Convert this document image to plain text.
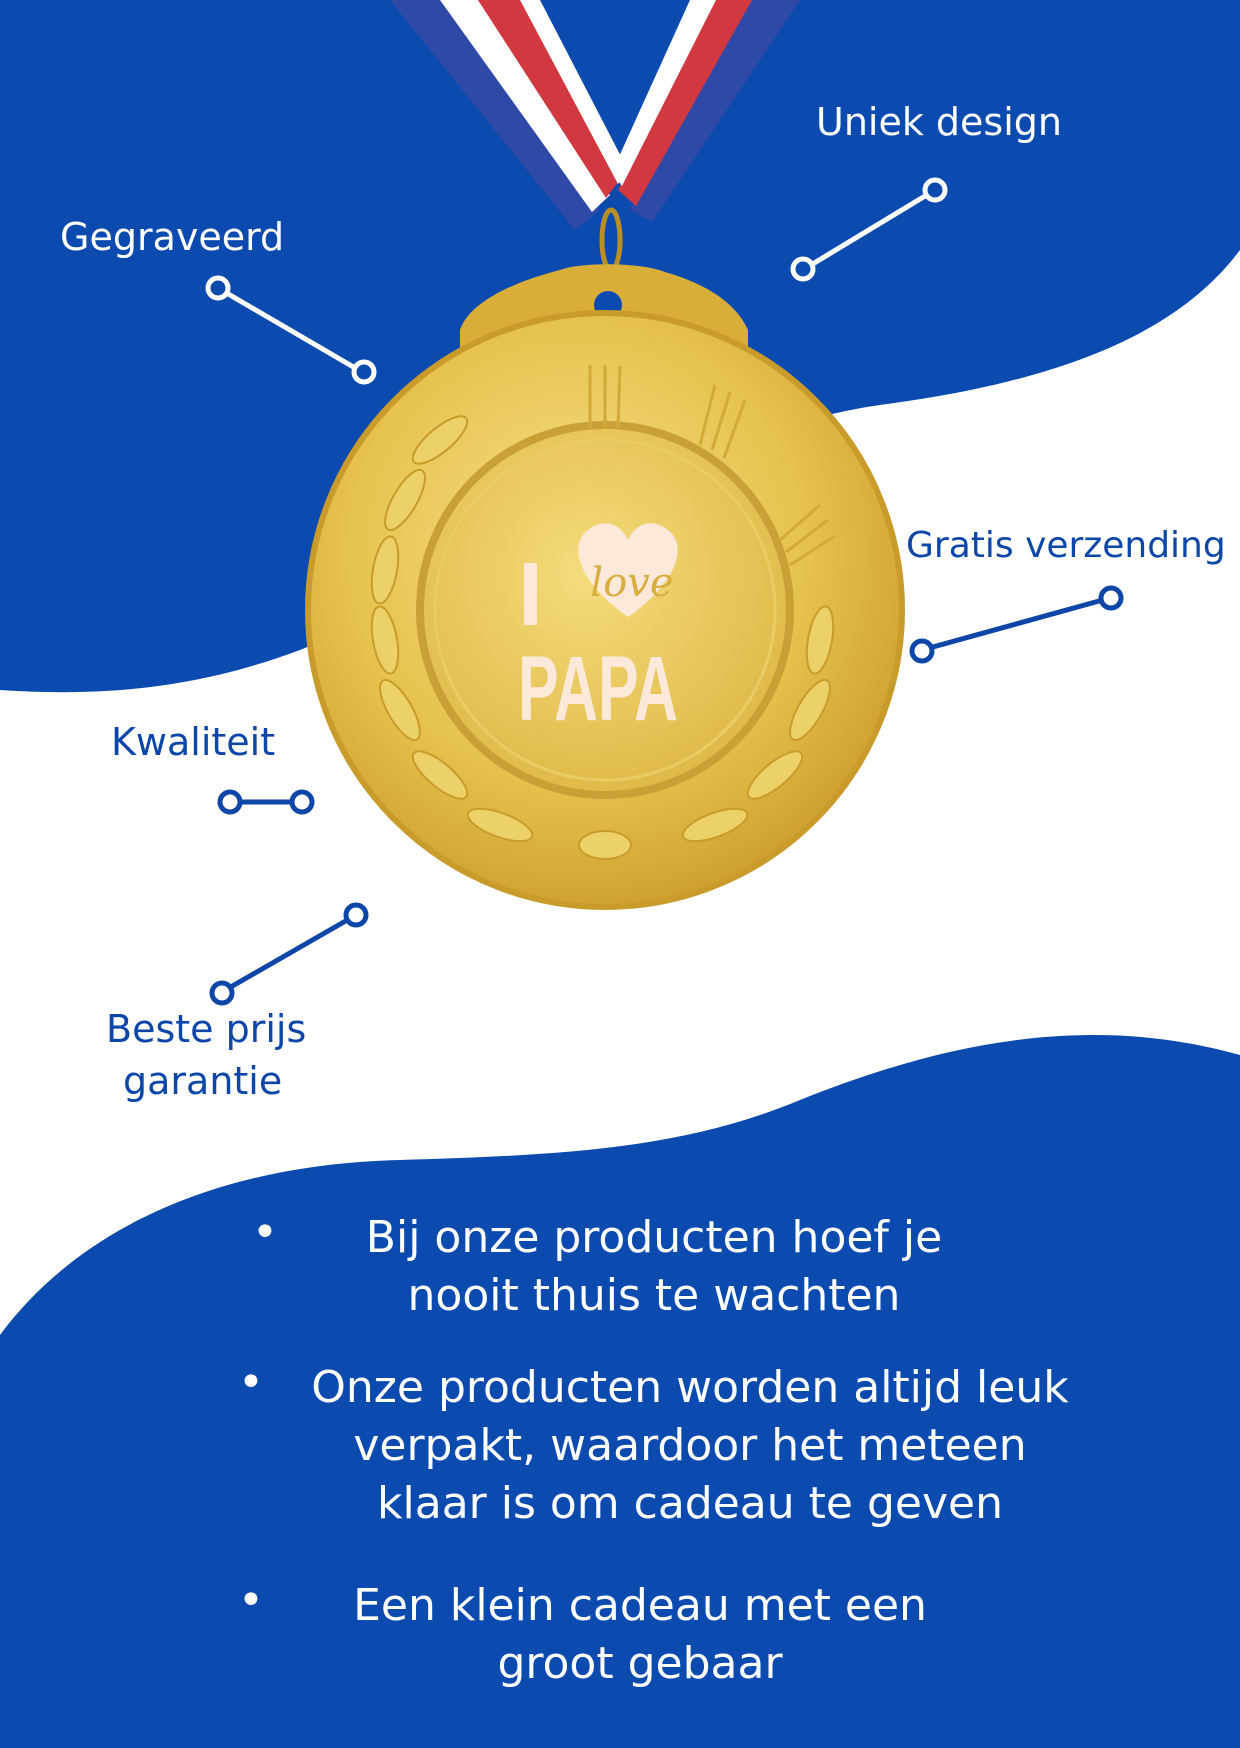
I love
PAPA
Uniek design
Gegraveerd
Gratis verzending
Kwaliteit
Beste prijs
garantie
•	Bij onze producten hoef je
nooit thuis te wachten
•	Onze producten worden altijd leuk
verpakt, waardoor het meteen
klaar is om cadeau te geven
•	Een klein cadeau met een
groot gebaar
